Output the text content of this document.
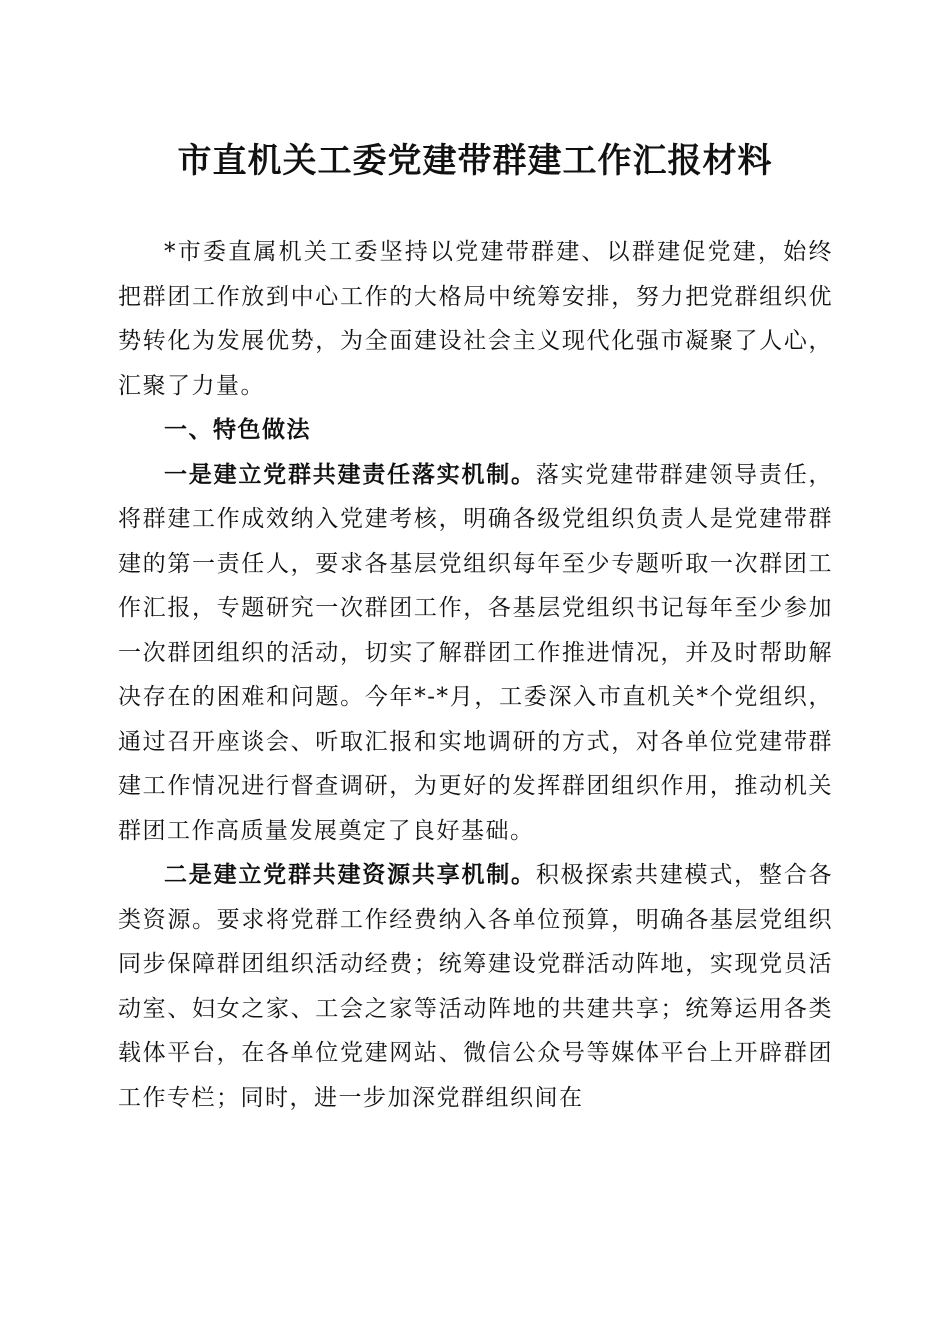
市直机关工委党建带群建工作汇报材料

*市委直属机关工委坚持以党建带群建、以群建促党建，始终把群团工作放到中心工作的大格局中统筹安排，努力把党群组织优势转化为发展优势，为全面建设社会主义现代化强市凝聚了人心，汇聚了力量。

一、特色做法

一是建立党群共建责任落实机制。落实党建带群建领导责任，将群建工作成效纳入党建考核，明确各级党组织负责人是党建带群建的第一责任人，要求各基层党组织每年至少专题听取一次群团工作汇报，专题研究一次群团工作，各基层党组织书记每年至少参加一次群团组织的活动，切实了解群团工作推进情况，并及时帮助解决存在的困难和问题。今年*-*月，工委深入市直机关*个党组织，通过召开座谈会、听取汇报和实地调研的方式，对各单位党建带群建工作情况进行督查调研，为更好的发挥群团组织作用，推动机关群团工作高质量发展奠定了良好基础。

二是建立党群共建资源共享机制。积极探索共建模式，整合各类资源。要求将党群工作经费纳入各单位预算，明确各基层党组织同步保障群团组织活动经费；统筹建设党群活动阵地，实现党员活动室、妇女之家、工会之家等活动阵地的共建共享；统筹运用各类载体平台，在各单位党建网站、微信公众号等媒体平台上开辟群团工作专栏；同时，进一步加深党群组织间在
